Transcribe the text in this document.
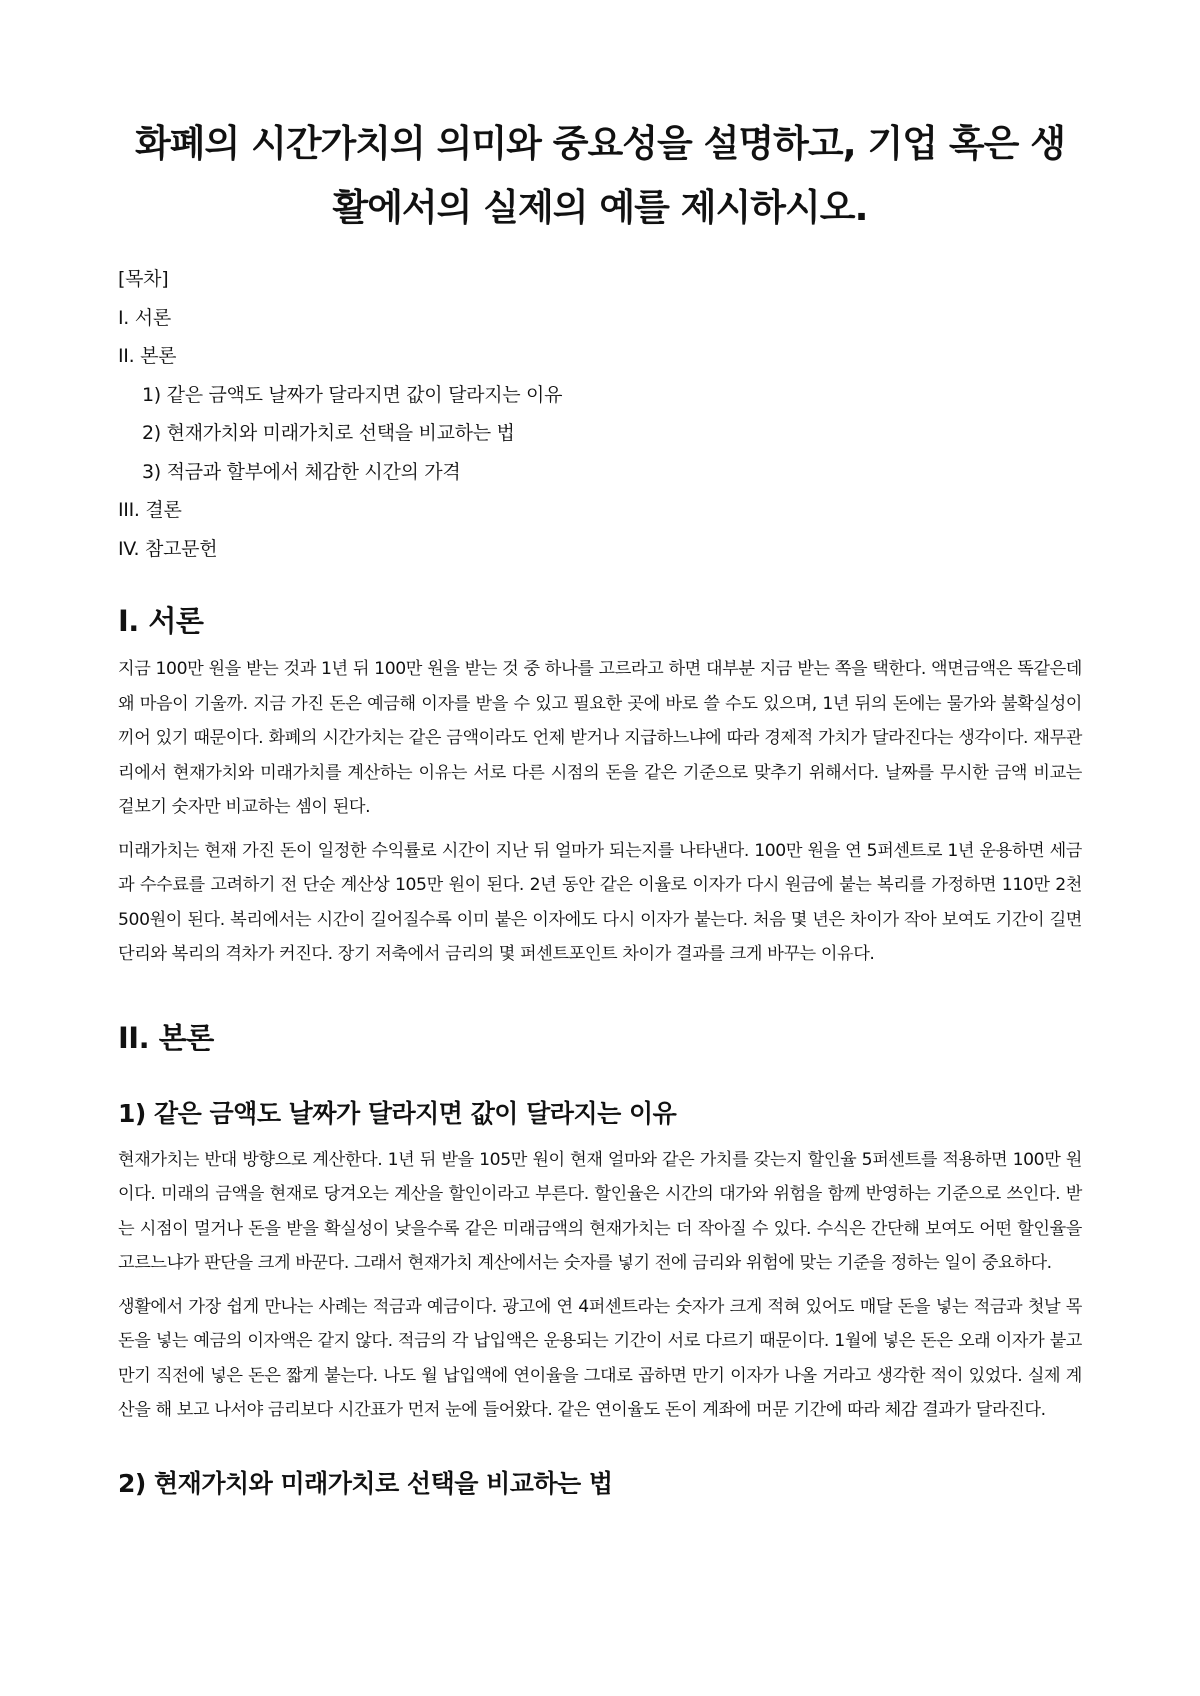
화폐의 시간가치의 의미와 중요성을 설명하고, 기업 혹은 생활에서의 실제의 예를 제시하시오.
[목차]
I. 서론
II. 본론
1) 같은 금액도 날짜가 달라지면 값이 달라지는 이유
2) 현재가치와 미래가치로 선택을 비교하는 법
3) 적금과 할부에서 체감한 시간의 가격
III. 결론
IV. 참고문헌
I. 서론

지금 100만 원을 받는 것과 1년 뒤 100만 원을 받는 것 중 하나를 고르라고 하면 대부분 지금 받는 쪽을 택한다. 액면금액은 똑같은데 왜 마음이 기울까. 지금 가진 돈은 예금해 이자를 받을 수 있고 필요한 곳에 바로 쓸 수도 있으며, 1년 뒤의 돈에는 물가와 불확실성이 끼어 있기 때문이다. 화폐의 시간가치는 같은 금액이라도 언제 받거나 지급하느냐에 따라 경제적 가치가 달라진다는 생각이다. 재무관리에서 현재가치와 미래가치를 계산하는 이유는 서로 다른 시점의 돈을 같은 기준으로 맞추기 위해서다. 날짜를 무시한 금액 비교는 겉보기 숫자만 비교하는 셈이 된다.

미래가치는 현재 가진 돈이 일정한 수익률로 시간이 지난 뒤 얼마가 되는지를 나타낸다. 100만 원을 연 5퍼센트로 1년 운용하면 세금과 수수료를 고려하기 전 단순 계산상 105만 원이 된다. 2년 동안 같은 이율로 이자가 다시 원금에 붙는 복리를 가정하면 110만 2천500원이 된다. 복리에서는 시간이 길어질수록 이미 붙은 이자에도 다시 이자가 붙는다. 처음 몇 년은 차이가 작아 보여도 기간이 길면 단리와 복리의 격차가 커진다. 장기 저축에서 금리의 몇 퍼센트포인트 차이가 결과를 크게 바꾸는 이유다.

II. 본론
1) 같은 금액도 날짜가 달라지면 값이 달라지는 이유

현재가치는 반대 방향으로 계산한다. 1년 뒤 받을 105만 원이 현재 얼마와 같은 가치를 갖는지 할인율 5퍼센트를 적용하면 100만 원이다. 미래의 금액을 현재로 당겨오는 계산을 할인이라고 부른다. 할인율은 시간의 대가와 위험을 함께 반영하는 기준으로 쓰인다. 받는 시점이 멀거나 돈을 받을 확실성이 낮을수록 같은 미래금액의 현재가치는 더 작아질 수 있다. 수식은 간단해 보여도 어떤 할인율을 고르느냐가 판단을 크게 바꾼다. 그래서 현재가치 계산에서는 숫자를 넣기 전에 금리와 위험에 맞는 기준을 정하는 일이 중요하다.

생활에서 가장 쉽게 만나는 사례는 적금과 예금이다. 광고에 연 4퍼센트라는 숫자가 크게 적혀 있어도 매달 돈을 넣는 적금과 첫날 목돈을 넣는 예금의 이자액은 같지 않다. 적금의 각 납입액은 운용되는 기간이 서로 다르기 때문이다. 1월에 넣은 돈은 오래 이자가 붙고 만기 직전에 넣은 돈은 짧게 붙는다. 나도 월 납입액에 연이율을 그대로 곱하면 만기 이자가 나올 거라고 생각한 적이 있었다. 실제 계산을 해 보고 나서야 금리보다 시간표가 먼저 눈에 들어왔다. 같은 연이율도 돈이 계좌에 머문 기간에 따라 체감 결과가 달라진다.

2) 현재가치와 미래가치로 선택을 비교하는 법
